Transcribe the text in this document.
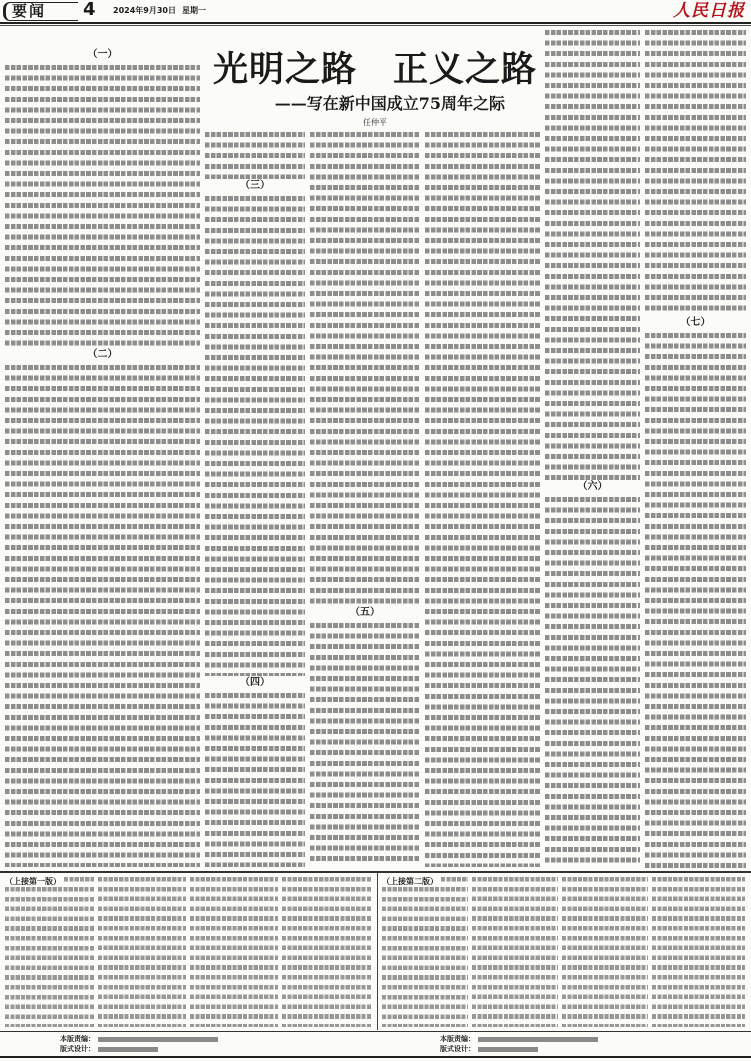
要闻	4 2024年9月30日 星期一	人民日报
光明之路　正义之路
——写在新中国成立75周年之际
任仲平
（一）
（二）
（三）
（四）
（五）
（六）
（七）
（上接第一版）	（上接第二版）
本版责编：
版式设计：
本版责编：
版式设计：
